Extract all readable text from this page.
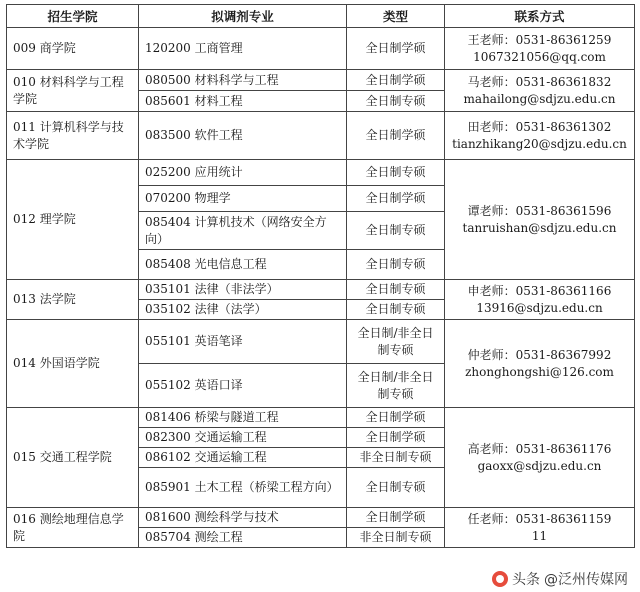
招生学院	拟调剂专业	类型	联系方式
009 商学院	120200 工商管理	全日制学硕	王老师：0531-86361259
1067321056@qq.com

010 材料科学与工程学院	080500 材料科学与工程	全日制学硕	马老师：0531-86361832
mahailong@sdjzu.edu.cn

	085601 材料工程	全日制专硕	
011 计算机科学与技术学院	083500 软件工程	全日制学硕	田老师：0531-86361302
tianzhikang20@sdjzu.edu.cn

012 理学院	025200 应用统计	全日制专硕	谭老师：0531-86361596
tanruishan@sdjzu.edu.cn

	070200 物理学	全日制学硕	
	085404 计算机技术（网络安全方向）	全日制专硕	
	085408 光电信息工程	全日制专硕	
013 法学院	035101 法律（非法学）	全日制专硕	申老师：0531-86361166
13916@sdjzu.edu.cn

	035102 法律（法学）	全日制专硕	
014 外国语学院	055101 英语笔译	全日制/非全日制专硕	仲老师：0531-86367992
zhonghongshi@126.com

	055102 英语口译	全日制/非全日制专硕	
015 交通工程学院	081406 桥梁与隧道工程	全日制学硕	高老师：0531-86361176
gaoxx@sdjzu.edu.cn

	082300 交通运输工程	全日制学硕	
	086102 交通运输工程	非全日制专硕	
	085901 土木工程（桥梁工程方向）	全日制专硕	
016 测绘地理信息学院	081600 测绘科学与技术	全日制学硕	任老师：0531-86361159
11

	085704 测绘工程	非全日制专硕	
头条 @泛州传媒网
